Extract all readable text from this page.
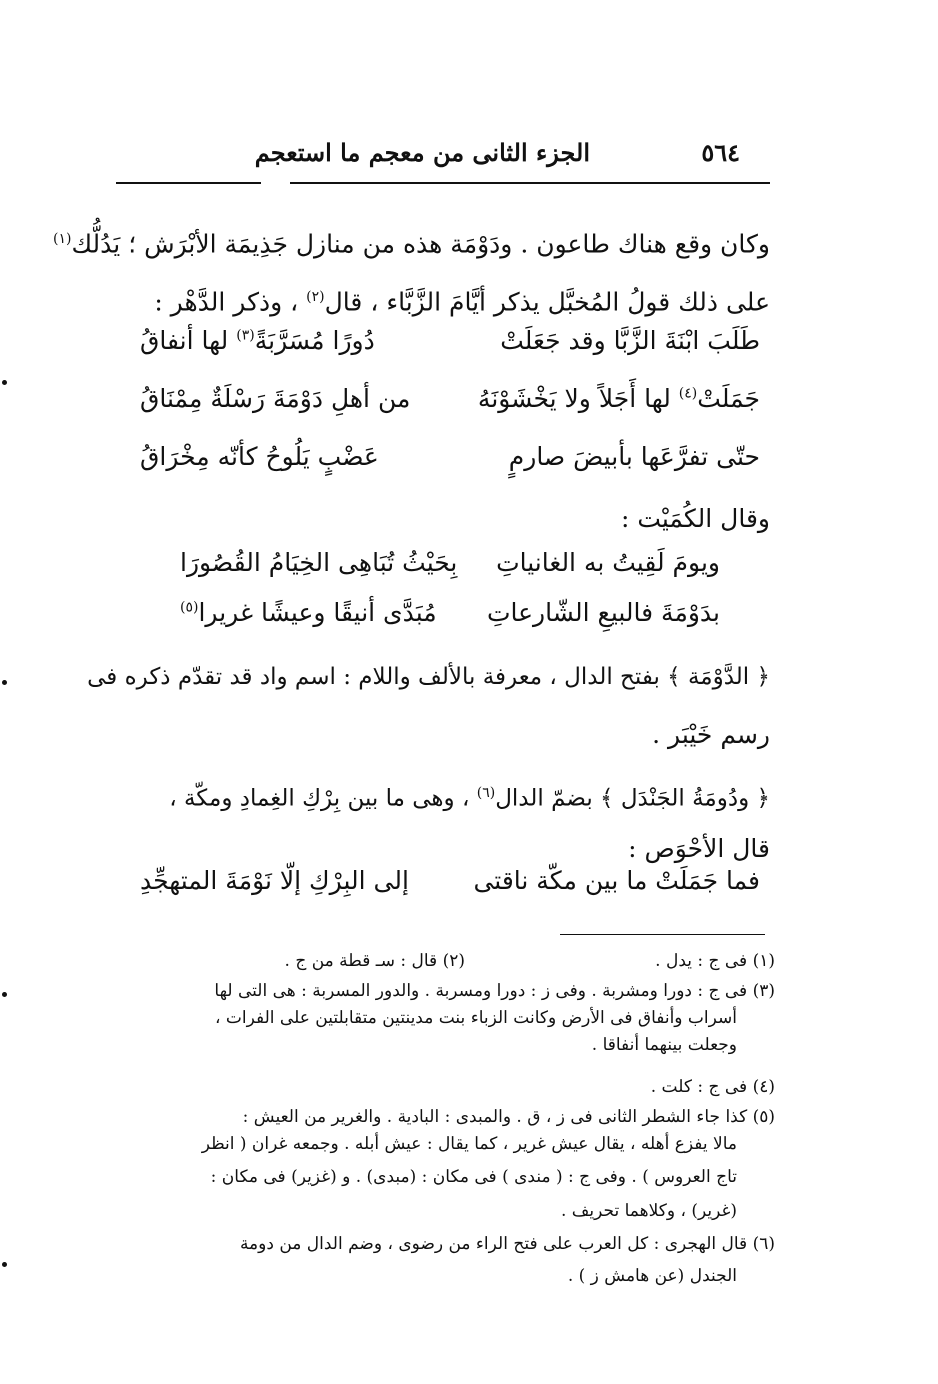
٥٦٤
الجزء الثانى من معجم ما استعجم
وكان وقع هناك طاعون . ودَوْمَة هذه من منازل جَذِيمَة الأبْرَش ؛ يَدُلُّك$^{(١)}$
على ذلك قولُ المُخبَّل يذكر أيَّامَ الزَّبَّاء ، قال$^{(٢)}$ ، وذكر الدَّهْر :
طَلَبَ ابْنَةَ الزَّبَّا وقد جَعَلَتْ
دُورًا مُسَرَّبَةً$^{(٣)}$ لها أنفاقُ
جَمَلَتْ$^{(٤)}$ لها أَجَلاً ولا يَخْشَوْنَهُ
من أهلِ دَوْمَةَ رَسْلَةٌ مِمْنَاقُ
حتّى تفرَّعَها بأبيضَ صارمٍ
عَضْبٍ يَلُوحُ كأنّه مِخْرَاقُ
وقال الكُمَيْت :
ويومَ لَقِيتُ به الغانياتِ
بِحَيْثُ تُبَاهِى الخِيَامُ القُصُورَا
بدَوْمَةَ فالبيعِ الشّارعاتِ
مُبَدَّى أنيقًا وعيشًا غريرا$^{(٥)}$
﴿ الدَّوْمَة ﴾ بفتح الدال ، معرفة بالألف واللام : اسم واد قد تقدّم ذكره فى
رسم خَيْبَر .
﴿ ودُومَةُ الجَنْدَل ﴾ بضمّ الدال$^{(٦)}$ ، وهى ما بين بِرْكِ الغِمادِ ومكّة ،
قال الأحْوَص :
فما جَمَلَتْ ما بين مكّة ناقتى
إلى البِرْكِ إلّا نَوْمَةَ المتهجِّدِ
(١) فى ج : يدل .
(٢) قال : سـ قطة من ج .
(٣) فى ج : دورا ومشربة . وفى ز : دورا ومسربة . والدور المسربة : هى التى لها
أسراب وأنفاق فى الأرض وكانت الزباء بنت مدينتين متقابلتين على الفرات ،
وجعلت بينهما أنفاقا .
(٤) فى ج : كلت .
(٥) كذا جاء الشطر الثانى فى ز ، ق . والمبدى : البادية . والغرير من العيش :
مالا يفزع أهله ، يقال عيش غرير ، كما يقال : عيش أبله . وجمعه غران ( انظر
تاج العروس ) . وفى ج : ( مندى ) فى مكان : (مبدى) . و (غزير) فى مكان :
(غرير) ، وكلاهما تحريف .
(٦) قال الهجرى : كل العرب على فتح الراء من رضوى ، وضم الدال من دومة
الجندل (عن هامش ز ) .
